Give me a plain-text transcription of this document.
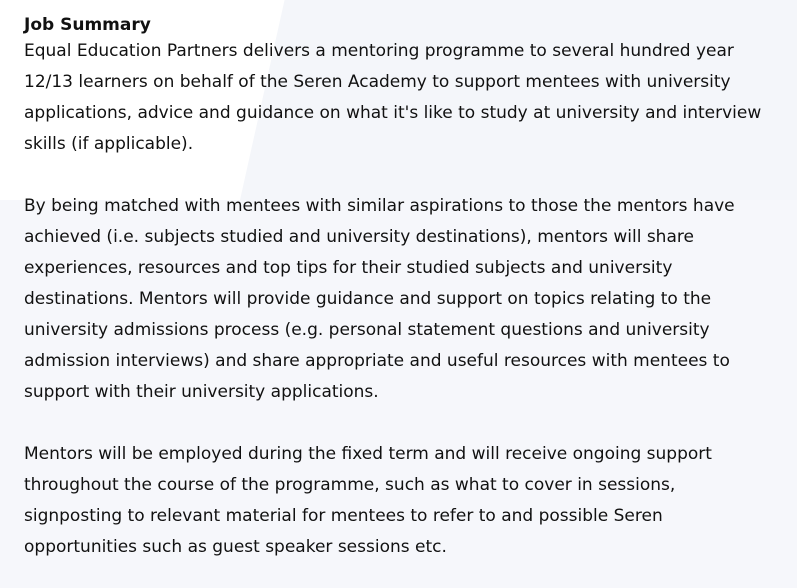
Job Summary

Equal Education Partners delivers a mentoring programme to several hundred year 12/13 learners on behalf of the Seren Academy to support mentees with university applications, advice and guidance on what it's like to study at university and interview skills (if applicable).

By being matched with mentees with similar aspirations to those the mentors have achieved (i.e. subjects studied and university destinations), mentors will share experiences, resources and top tips for their studied subjects and university destinations. Mentors will provide guidance and support on topics relating to the university admissions process (e.g. personal statement questions and university admission interviews) and share appropriate and useful resources with mentees to support with their university applications.

Mentors will be employed during the fixed term and will receive ongoing support throughout the course of the programme, such as what to cover in sessions, signposting to relevant material for mentees to refer to and possible Seren opportunities such as guest speaker sessions etc.
